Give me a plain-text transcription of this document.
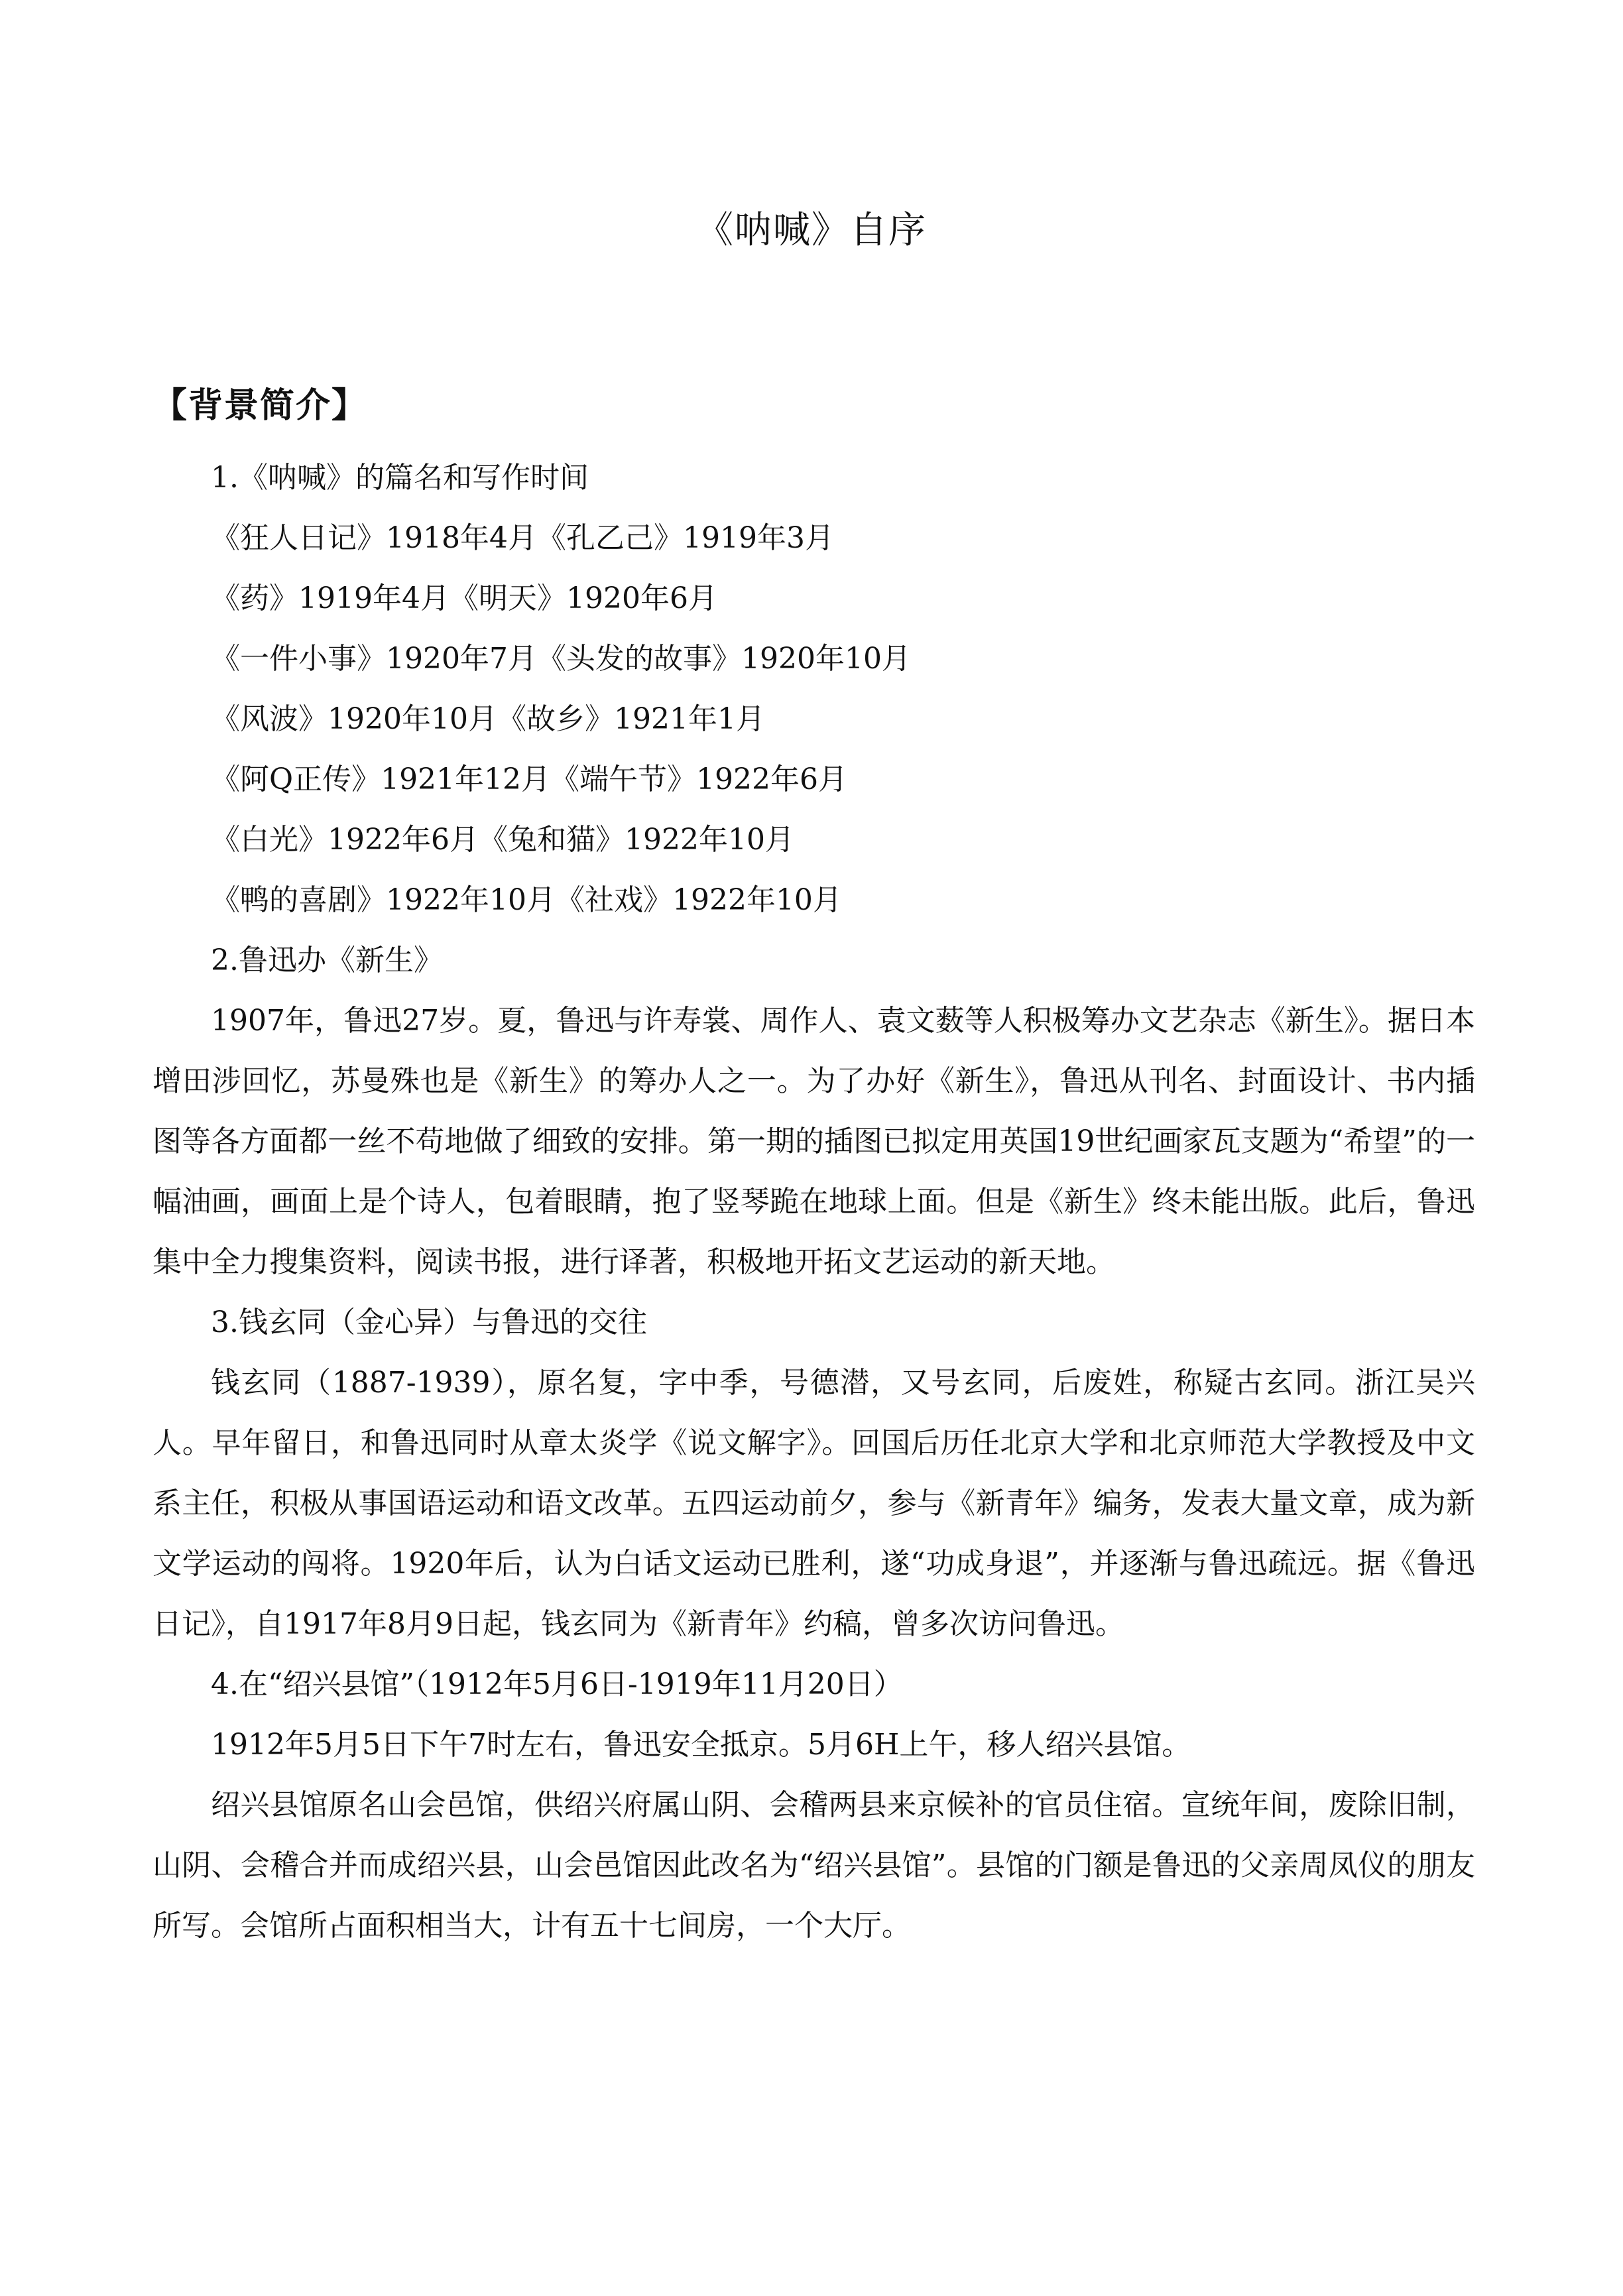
《呐喊》自序
【背景简介】

1.《呐喊》的篇名和写作时间

《狂人日记》1918年4月《孔乙己》1919年3月

《药》1919年4月《明天》1920年6月

《一件小事》1920年7月《头发的故事》1920年10月

《风波》1920年10月《故乡》1921年1月

《阿Q正传》1921年12月《端午节》1922年6月

《白光》1922年6月《兔和猫》1922年10月

《鸭的喜剧》1922年10月《社戏》1922年10月

2.鲁迅办《新生》

1907年，鲁迅27岁。夏，鲁迅与许寿裳、周作人、袁文薮等人积极筹办文艺杂志《新生》。据日本增田涉回忆，苏曼殊也是《新生》的筹办人之一。为了办好《新生》，鲁迅从刊名、封面设计、书内插图等各方面都一丝不苟地做了细致的安排。第一期的插图已拟定用英国19世纪画家瓦支题为“希望”的一幅油画，画面上是个诗人，包着眼睛，抱了竖琴跪在地球上面。但是《新生》终未能出版。此后，鲁迅集中全力搜集资料，阅读书报，进行译著，积极地开拓文艺运动的新天地。

3.钱玄同（金心异）与鲁迅的交往

钱玄同（1887-1939），原名复，字中季，号德潜，又号玄同，后废姓，称疑古玄同。浙江吴兴人。早年留日，和鲁迅同时从章太炎学《说文解字》。回国后历任北京大学和北京师范大学教授及中文系主任，积极从事国语运动和语文改革。五四运动前夕，参与《新青年》编务，发表大量文章，成为新文学运动的闯将。1920年后，认为白话文运动已胜利，遂“功成身退”，并逐渐与鲁迅疏远。据《鲁迅日记》，自1917年8月9日起，钱玄同为《新青年》约稿，曾多次访问鲁迅。

4.在“绍兴县馆”（1912年5月6日-1919年11月20日）

1912年5月5日下午7时左右，鲁迅安全抵京。5月6H上午，移人绍兴县馆。

绍兴县馆原名山会邑馆，供绍兴府属山阴、会稽两县来京候补的官员住宿。宣统年间，废除旧制，山阴、会稽合并而成绍兴县，山会邑馆因此改名为“绍兴县馆”。县馆的门额是鲁迅的父亲周凤仪的朋友所写。会馆所占面积相当大，计有五十七间房，一个大厅。
